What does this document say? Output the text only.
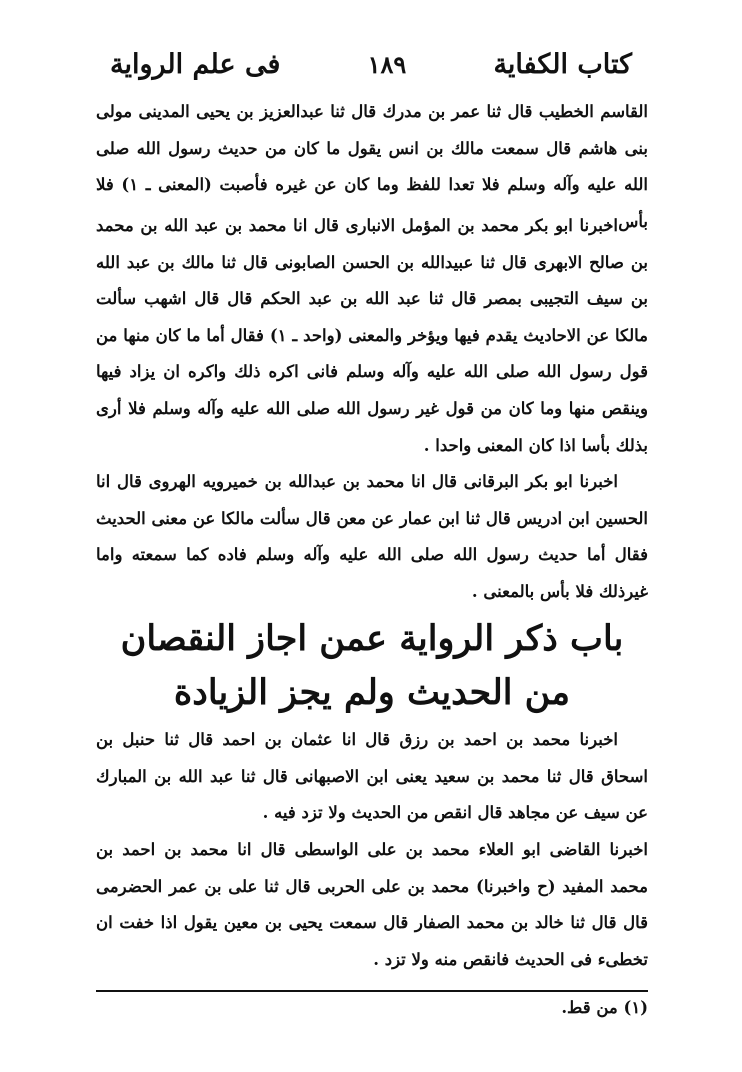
كتاب الكفاية
١٨٩
فى علم الرواية

القاسم الخطيب قال ثنا عمر بن مدرك قال ثنا عبدالعزيز بن يحيى المدينى مولى بنى هاشم قال سمعت مالك بن انس يقول ما كان من حديث رسول الله صلى الله عليه وآله وسلم فلا تعدا للفظ وما كان عن غيره فأصبت (المعنى ـ ١) فلا بأس .

اخبرنا ابو بكر محمد بن المؤمل الانبارى قال انا محمد بن عبد الله بن محمد بن صالح الابهرى قال ثنا عبيدالله بن الحسن الصابونى قال ثنا مالك بن عبد الله بن سيف التجيبى بمصر قال ثنا عبد الله بن عبد الحكم قال قال اشهب سألت مالكا عن الاحاديث يقدم فيها ويؤخر والمعنى (واحد ـ ١) فقال أما ما كان منها من قول رسول الله صلى الله عليه وآله وسلم فانى اكره ذلك واكره ان يزاد فيها وينقص منها وما كان من قول غير رسول الله صلى الله عليه وآله وسلم فلا أرى بذلك بأسا اذا كان المعنى واحدا .

اخبرنا ابو بكر البرقانى قال انا محمد بن عبدالله بن خميرويه الهروى قال انا الحسين ابن ادريس قال ثنا ابن عمار عن معن قال سألت مالكا عن معنى الحديث فقال أما حديث رسول الله صلى الله عليه وآله وسلم فاده كما سمعته واما غيرذلك فلا بأس بالمعنى .

باب ذكر الرواية عمن اجاز النقصان
من الحديث ولم يجز الزيادة

اخبرنا محمد بن احمد بن رزق قال انا عثمان بن احمد قال ثنا حنبل بن اسحاق قال ثنا محمد بن سعيد يعنى ابن الاصبهانى قال ثنا عبد الله بن المبارك عن سيف عن مجاهد قال انقص من الحديث ولا تزد فيه .

اخبرنا القاضى ابو العلاء محمد بن على الواسطى قال انا محمد بن احمد بن محمد المفيد (ح واخبرنا) محمد بن على الحربى قال ثنا على بن عمر الحضرمى قال قال ثنا خالد بن محمد الصفار قال سمعت يحيى بن معين يقول اذا خفت ان تخطىء فى الحديث فانقص منه ولا تزد .

(١) من قط.
